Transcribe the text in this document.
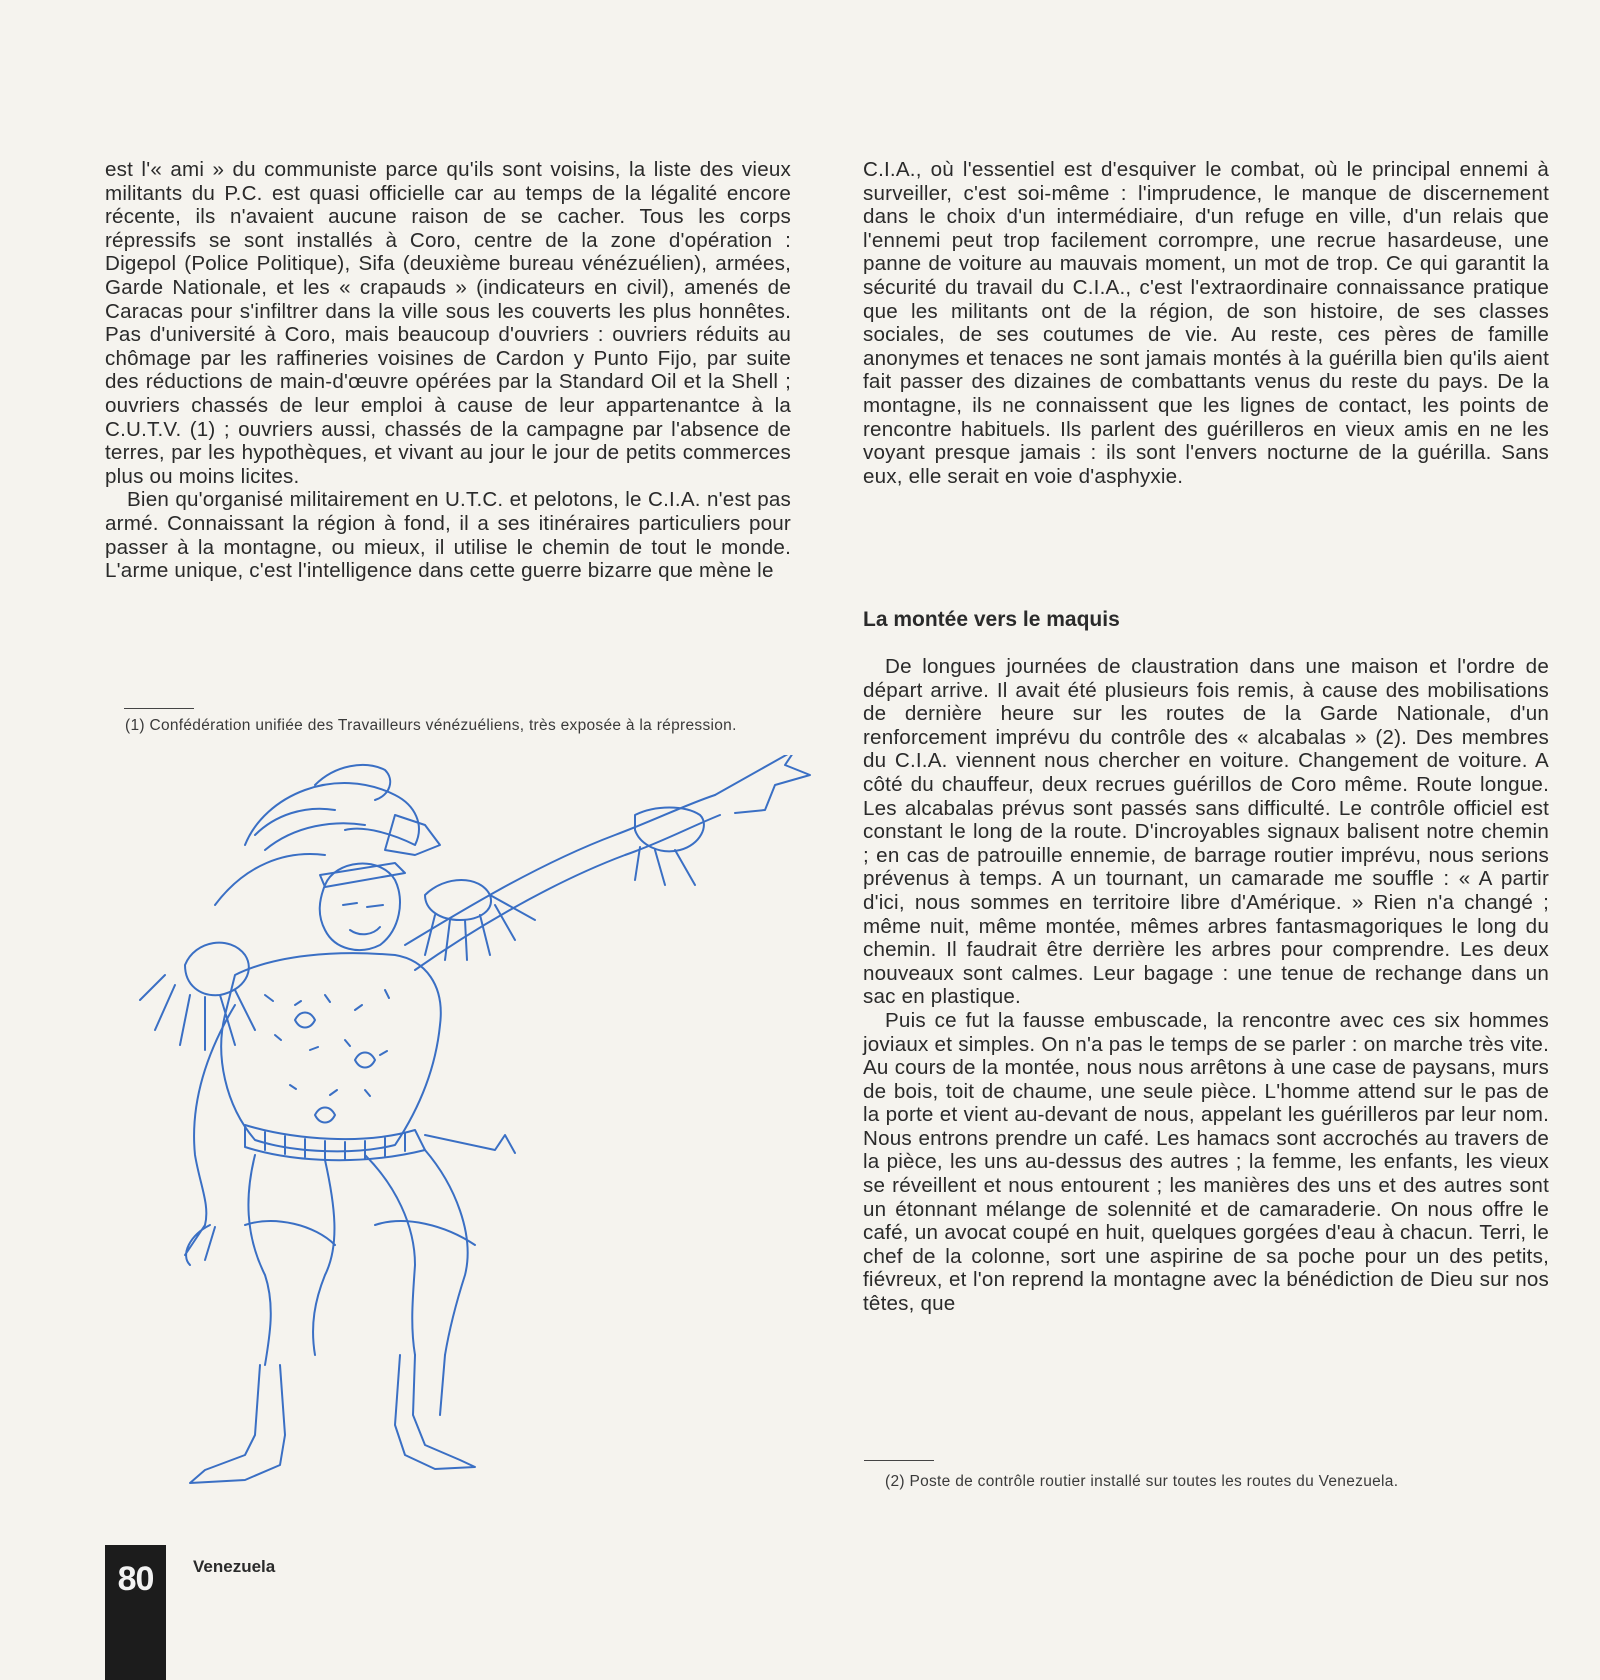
est l'« ami » du communiste parce qu'ils sont voisins, la liste des vieux militants du P.C. est quasi officielle car au temps de la légalité encore récente, ils n'avaient aucune raison de se cacher. Tous les corps répressifs se sont installés à Coro, centre de la zone d'opération : Digepol (Police Politique), Sifa (deuxième bureau vénézuélien), armées, Garde Nationale, et les « crapauds » (indicateurs en civil), amenés de Caracas pour s'infiltrer dans la ville sous les couverts les plus honnêtes. Pas d'université à Coro, mais beaucoup d'ouvriers : ouvriers réduits au chômage par les raffineries voisines de Cardon y Punto Fijo, par suite des réductions de main-d'œuvre opérées par la Standard Oil et la Shell ; ouvriers chassés de leur emploi à cause de leur appartenantce à la C.U.T.V. (1) ; ouvriers aussi, chassés de la campagne par l'absence de terres, par les hypothèques, et vivant au jour le jour de petits commerces plus ou moins licites.

Bien qu'organisé militairement en U.T.C. et pelotons, le C.I.A. n'est pas armé. Connaissant la région à fond, il a ses itinéraires particuliers pour passer à la montagne, ou mieux, il utilise le chemin de tout le monde. L'arme unique, c'est l'intelligence dans cette guerre bizarre que mène le

(1) Confédération unifiée des Travailleurs vénézuéliens, très exposée à la répression.

C.I.A., où l'essentiel est d'esquiver le combat, où le principal ennemi à surveiller, c'est soi-même : l'imprudence, le manque de discernement dans le choix d'un intermédiaire, d'un refuge en ville, d'un relais que l'ennemi peut trop facilement corrompre, une recrue hasardeuse, une panne de voiture au mauvais moment, un mot de trop. Ce qui garantit la sécurité du travail du C.I.A., c'est l'extraordinaire connaissance pratique que les militants ont de la région, de son histoire, de ses classes sociales, de ses coutumes de vie. Au reste, ces pères de famille anonymes et tenaces ne sont jamais montés à la guérilla bien qu'ils aient fait passer des dizaines de combattants venus du reste du pays. De la montagne, ils ne connaissent que les lignes de contact, les points de rencontre habituels. Ils parlent des guérilleros en vieux amis en ne les voyant presque jamais : ils sont l'envers nocturne de la guérilla. Sans eux, elle serait en voie d'asphyxie.

La montée vers le maquis

De longues journées de claustration dans une maison et l'ordre de départ arrive. Il avait été plusieurs fois remis, à cause des mobilisations de dernière heure sur les routes de la Garde Nationale, d'un renforcement imprévu du contrôle des « alcabalas » (2). Des membres du C.I.A. viennent nous chercher en voiture. Changement de voiture. A côté du chauffeur, deux recrues guérillos de Coro même. Route longue. Les alcabalas prévus sont passés sans difficulté. Le contrôle officiel est constant le long de la route. D'incroyables signaux balisent notre chemin ; en cas de patrouille ennemie, de barrage routier imprévu, nous serions prévenus à temps. A un tournant, un camarade me souffle : « A partir d'ici, nous sommes en territoire libre d'Amérique. » Rien n'a changé ; même nuit, même montée, mêmes arbres fantasmagoriques le long du chemin. Il faudrait être derrière les arbres pour comprendre. Les deux nouveaux sont calmes. Leur bagage : une tenue de rechange dans un sac en plastique.

Puis ce fut la fausse embuscade, la rencontre avec ces six hommes joviaux et simples. On n'a pas le temps de se parler : on marche très vite. Au cours de la montée, nous nous arrêtons à une case de paysans, murs de bois, toit de chaume, une seule pièce. L'homme attend sur le pas de la porte et vient au-devant de nous, appelant les guérilleros par leur nom. Nous entrons prendre un café. Les hamacs sont accrochés au travers de la pièce, les uns au-dessus des autres ; la femme, les enfants, les vieux se réveillent et nous entourent ; les manières des uns et des autres sont un étonnant mélange de solennité et de camaraderie. On nous offre le café, un avocat coupé en huit, quelques gorgées d'eau à chacun. Terri, le chef de la colonne, sort une aspirine de sa poche pour un des petits, fiévreux, et l'on reprend la montagne avec la bénédiction de Dieu sur nos têtes, que

(2) Poste de contrôle routier installé sur toutes les routes du Venezuela.
80	Venezuela
